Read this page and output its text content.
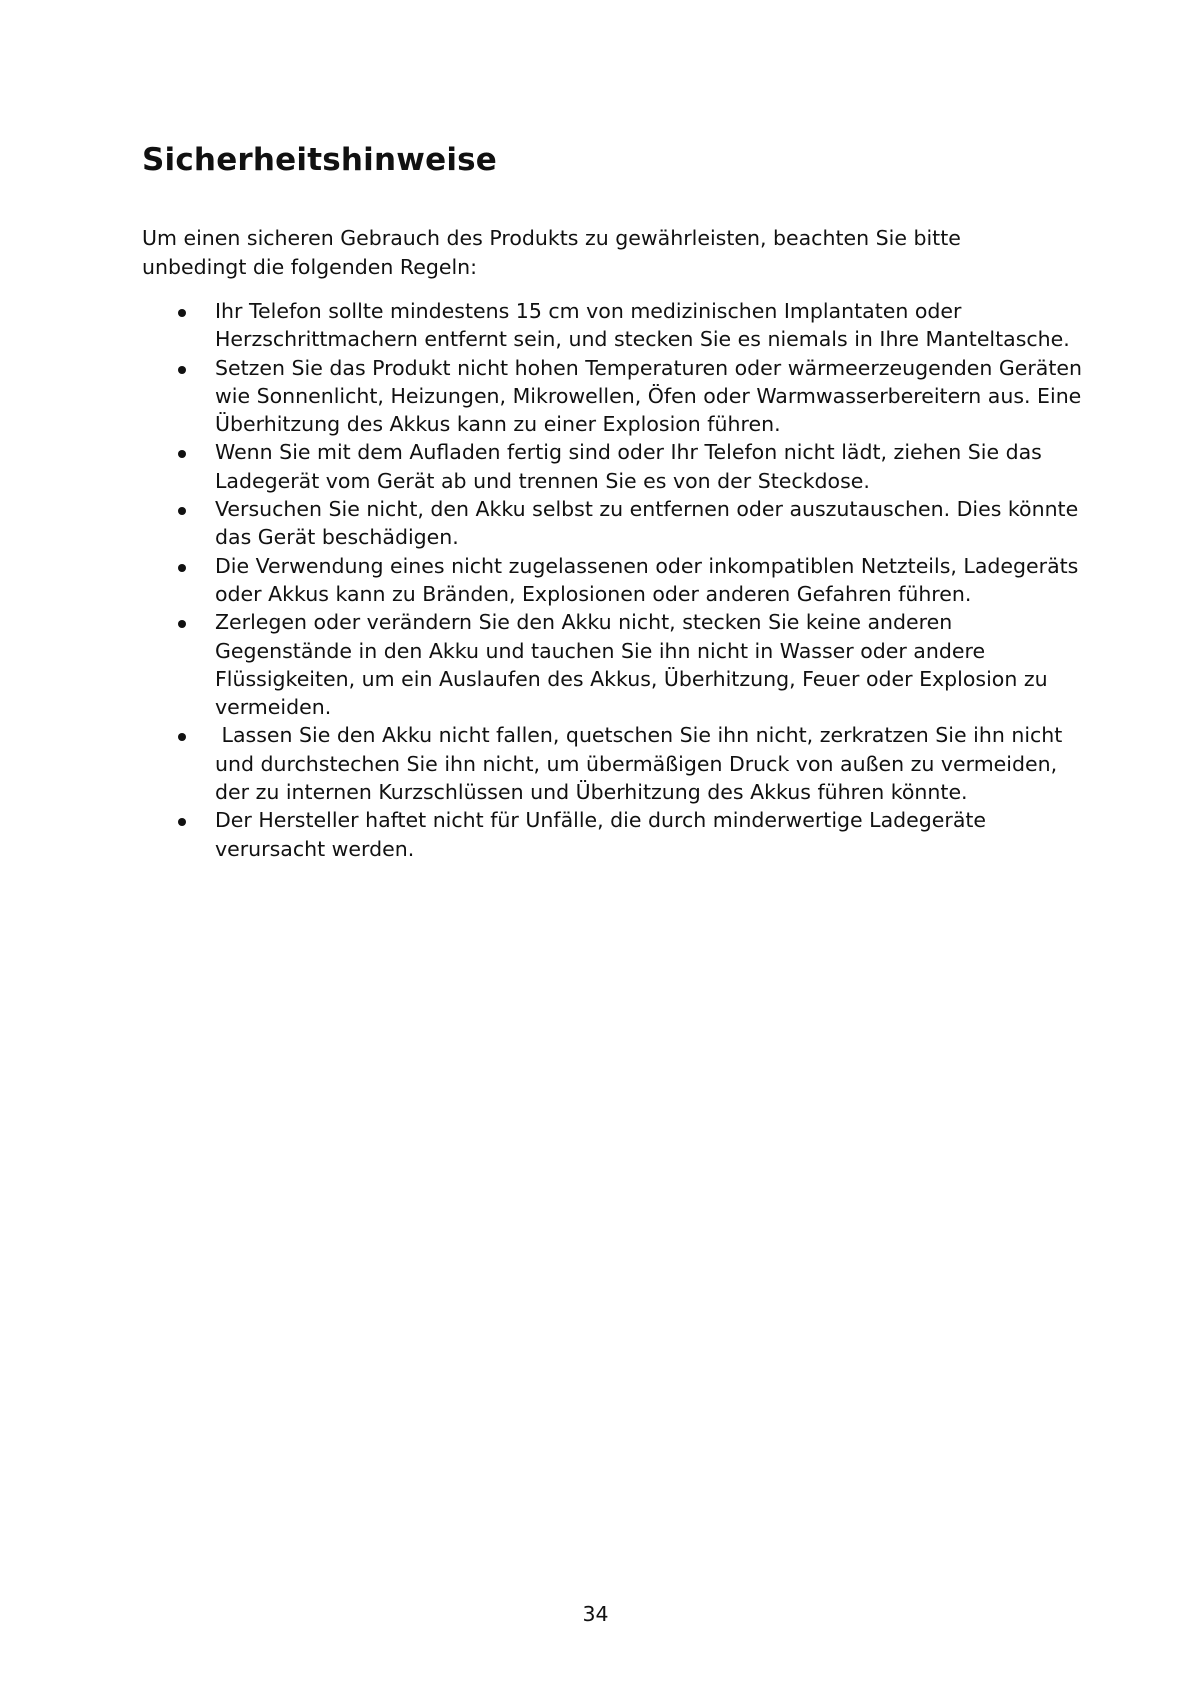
Sicherheitshinweise

Um einen sicheren Gebrauch des Produkts zu gewährleisten, beachten Sie bitte unbedingt die folgenden Regeln:

Ihr Telefon sollte mindestens 15 cm von medizinischen Implantaten oder Herzschrittmachern entfernt sein, und stecken Sie es niemals in Ihre Manteltasche.
Setzen Sie das Produkt nicht hohen Temperaturen oder wärmeerzeugenden Geräten wie Sonnenlicht, Heizungen, Mikrowellen, Öfen oder Warmwasserbereitern aus. Eine Überhitzung des Akkus kann zu einer Explosion führen.
Wenn Sie mit dem Aufladen fertig sind oder Ihr Telefon nicht lädt, ziehen Sie das Ladegerät vom Gerät ab und trennen Sie es von der Steckdose.
Versuchen Sie nicht, den Akku selbst zu entfernen oder auszutauschen. Dies könnte das Gerät beschädigen.
Die Verwendung eines nicht zugelassenen oder inkompatiblen Netzteils, Ladegeräts oder Akkus kann zu Bränden, Explosionen oder anderen Gefahren führen.
Zerlegen oder verändern Sie den Akku nicht, stecken Sie keine anderen Gegenstände in den Akku und tauchen Sie ihn nicht in Wasser oder andere Flüssigkeiten, um ein Auslaufen des Akkus, Überhitzung, Feuer oder Explosion zu vermeiden.
Lassen Sie den Akku nicht fallen, quetschen Sie ihn nicht, zerkratzen Sie ihn nicht und durchstechen Sie ihn nicht, um übermäßigen Druck von außen zu vermeiden, der zu internen Kurzschlüssen und Überhitzung des Akkus führen könnte.
Der Hersteller haftet nicht für Unfälle, die durch minderwertige Ladegeräte verursacht werden.
34
